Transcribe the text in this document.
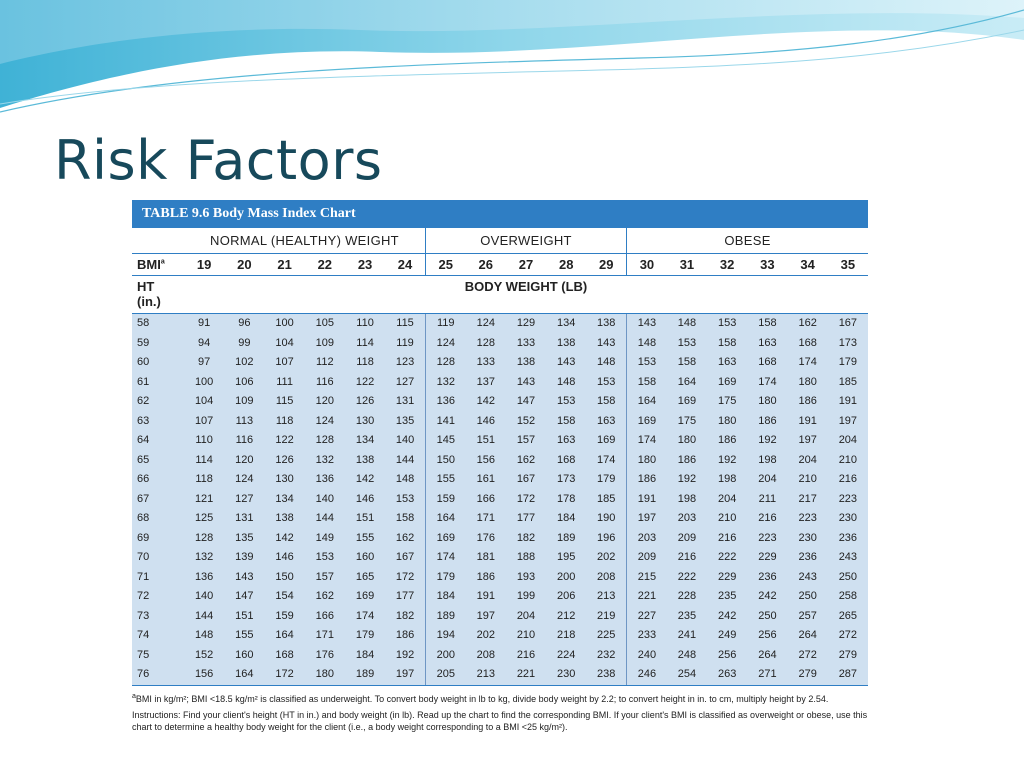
Risk Factors
TABLE 9.6 Body Mass Index Chart
	NORMAL (HEALTHY) WEIGHT						OVERWEIGHT					OBESE					
BMI$^a$	19	20	21	22	23	24	25	26	27	28	29	30	31	32	33	34	35
HT
(in.)	BODY WEIGHT (LB)																

58	91	96	100	105	110	115	119	124	129	134	138	143	148	153	158	162	167
59	94	99	104	109	114	119	124	128	133	138	143	148	153	158	163	168	173
60	97	102	107	112	118	123	128	133	138	143	148	153	158	163	168	174	179
61	100	106	111	116	122	127	132	137	143	148	153	158	164	169	174	180	185
62	104	109	115	120	126	131	136	142	147	153	158	164	169	175	180	186	191
63	107	113	118	124	130	135	141	146	152	158	163	169	175	180	186	191	197
64	110	116	122	128	134	140	145	151	157	163	169	174	180	186	192	197	204
65	114	120	126	132	138	144	150	156	162	168	174	180	186	192	198	204	210
66	118	124	130	136	142	148	155	161	167	173	179	186	192	198	204	210	216
67	121	127	134	140	146	153	159	166	172	178	185	191	198	204	211	217	223
68	125	131	138	144	151	158	164	171	177	184	190	197	203	210	216	223	230
69	128	135	142	149	155	162	169	176	182	189	196	203	209	216	223	230	236
70	132	139	146	153	160	167	174	181	188	195	202	209	216	222	229	236	243
71	136	143	150	157	165	172	179	186	193	200	208	215	222	229	236	243	250
72	140	147	154	162	169	177	184	191	199	206	213	221	228	235	242	250	258
73	144	151	159	166	174	182	189	197	204	212	219	227	235	242	250	257	265
74	148	155	164	171	179	186	194	202	210	218	225	233	241	249	256	264	272
75	152	160	168	176	184	192	200	208	216	224	232	240	248	256	264	272	279
76	156	164	172	180	189	197	205	213	221	230	238	246	254	263	271	279	287

$^a$BMI in kg/m²; BMI <18.5 kg/m² is classified as underweight. To convert body weight in lb to kg, divide body weight by 2.2; to convert height in in. to cm, multiply height by 2.54.

Instructions: Find your client's height (HT in in.) and body weight (in lb). Read up the chart to find the corresponding BMI. If your client's BMI is classified as overweight or obese, use this chart to determine a healthy body weight for the client (i.e., a body weight corresponding to a BMI <25 kg/m²).
